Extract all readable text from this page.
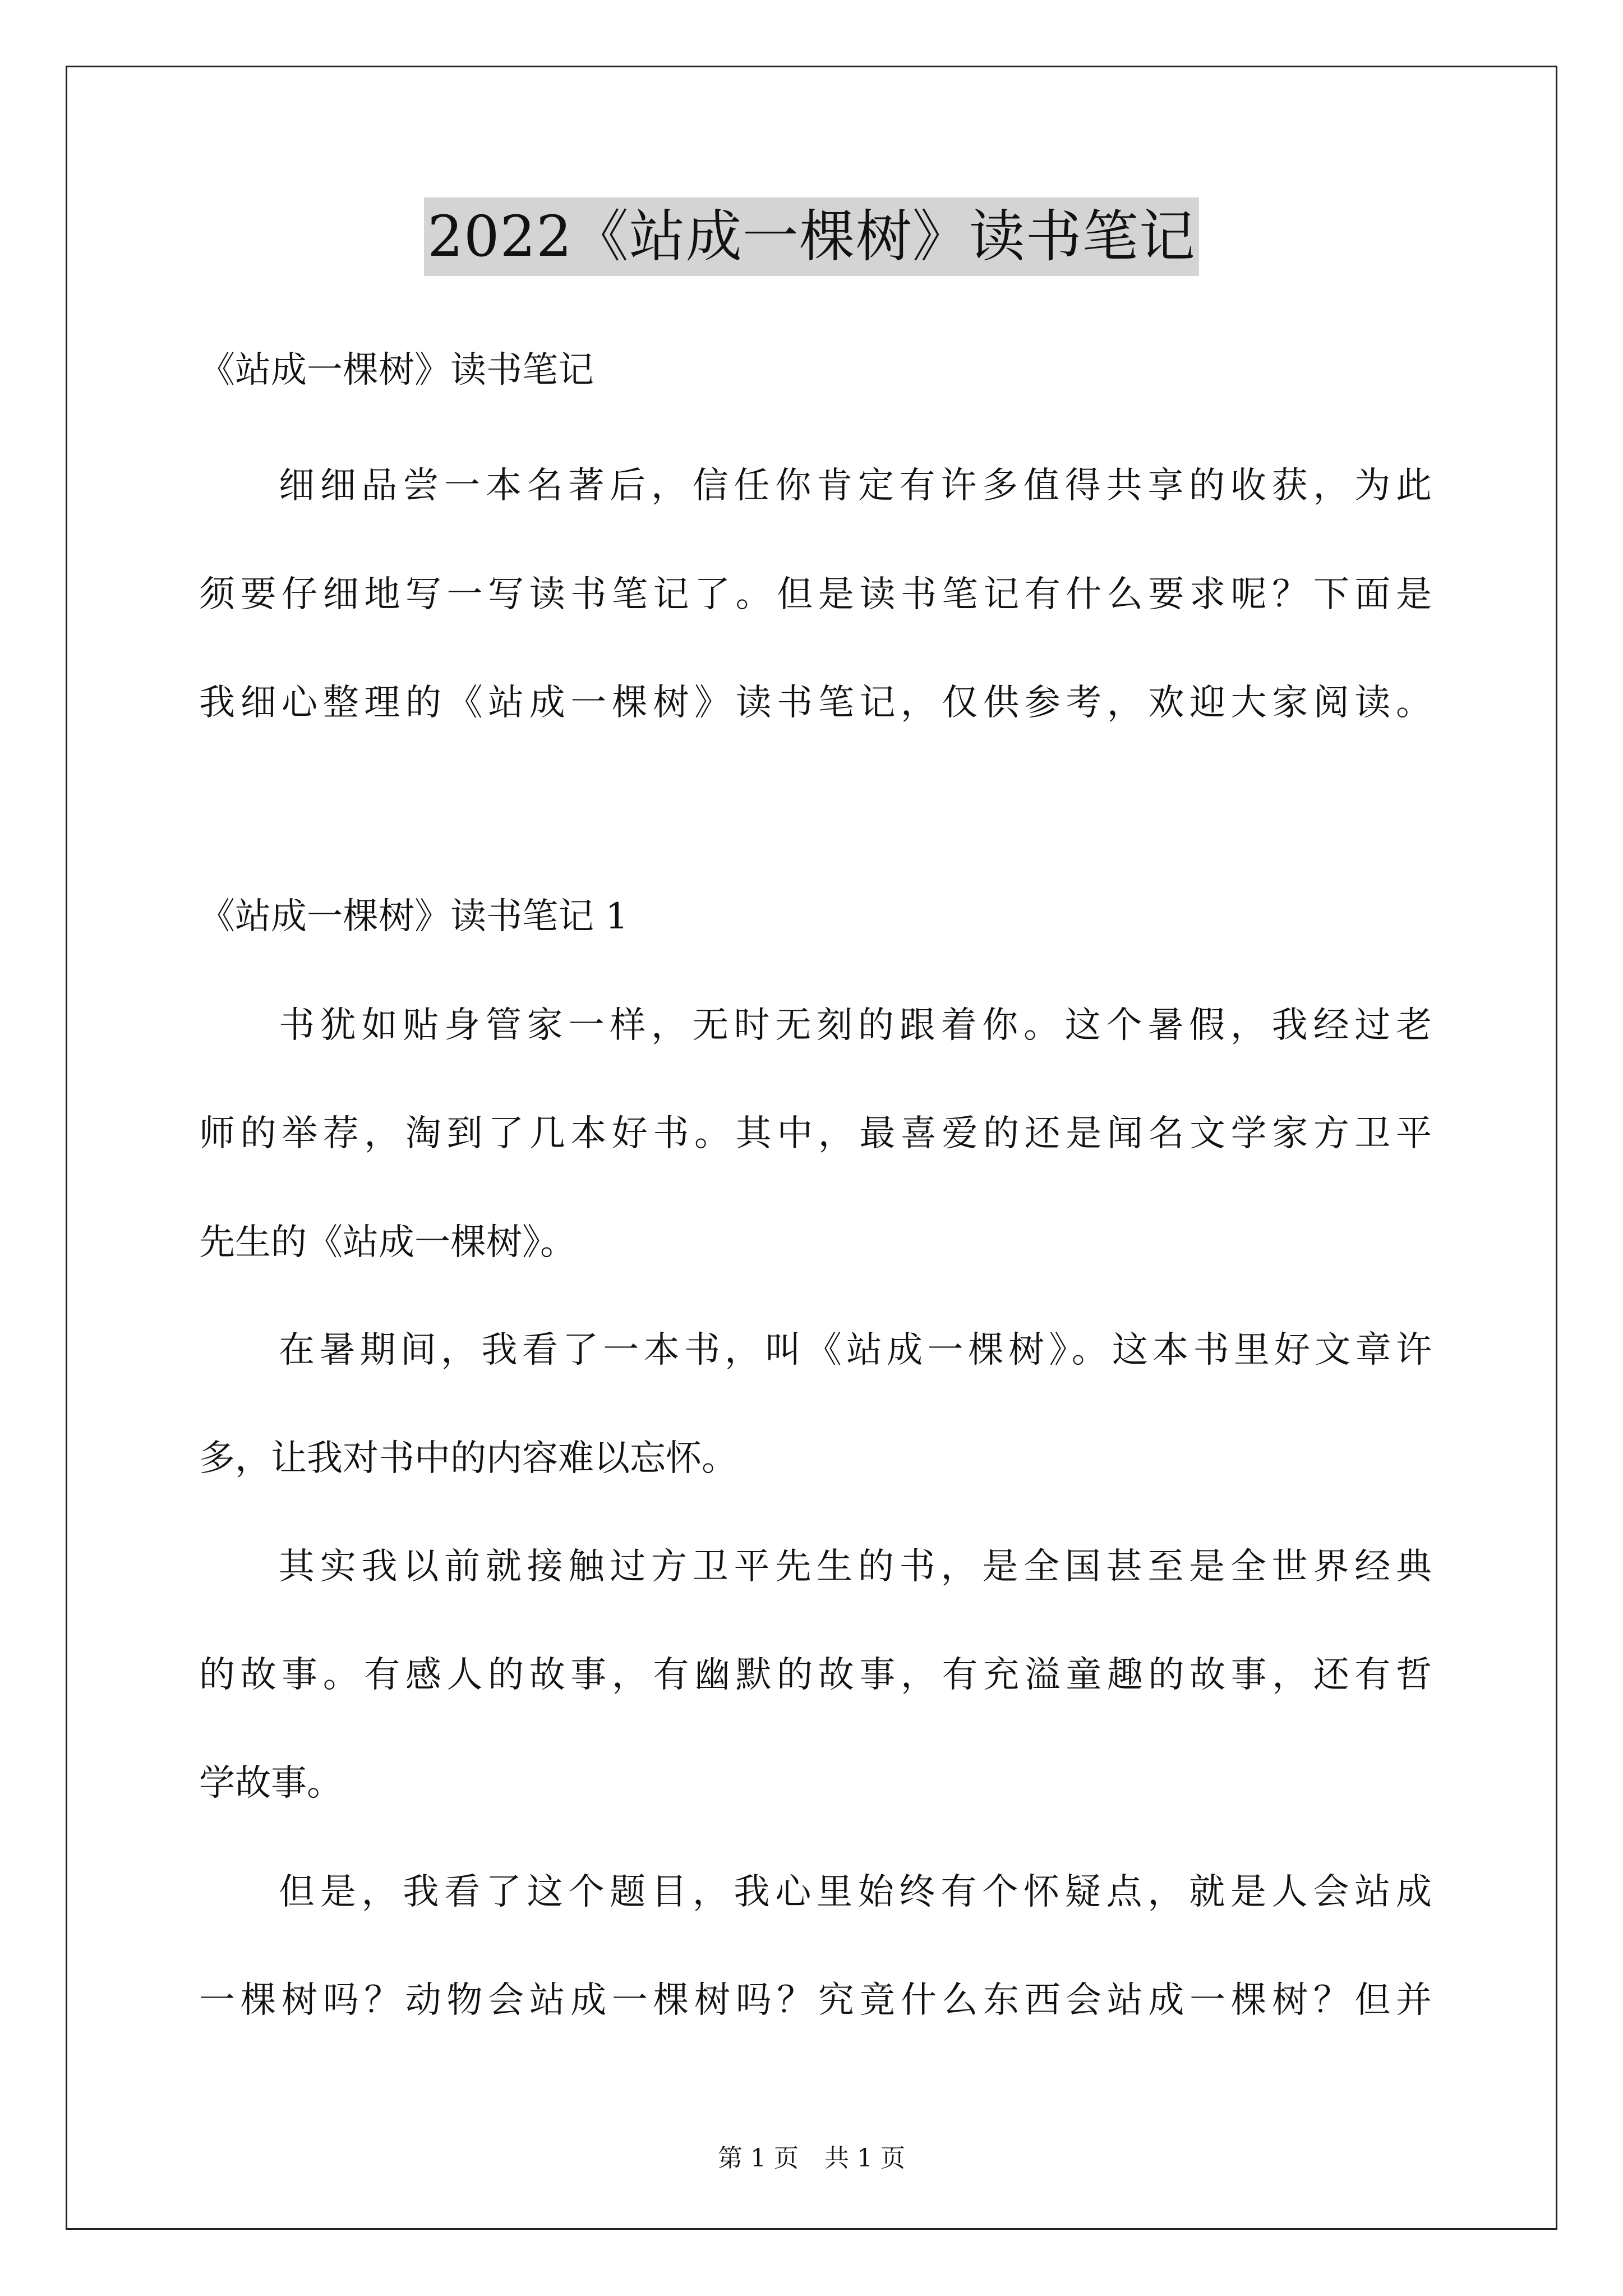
2022《站成一棵树》读书笔记
《站成一棵树》读书笔记
细细品尝一本名著后，信任你肯定有许多值得共享的收获，为此
须要仔细地写一写读书笔记了。但是读书笔记有什么要求呢？下面是
我细心整理的《站成一棵树》读书笔记，仅供参考，欢迎大家阅读。
《站成一棵树》读书笔记 1
书犹如贴身管家一样，无时无刻的跟着你。这个暑假，我经过老
师的举荐，淘到了几本好书。其中，最喜爱的还是闻名文学家方卫平
先生的《站成一棵树》。
在暑期间，我看了一本书，叫《站成一棵树》。这本书里好文章许
多，让我对书中的内容难以忘怀。
其实我以前就接触过方卫平先生的书，是全国甚至是全世界经典
的故事。有感人的故事，有幽默的故事，有充溢童趣的故事，还有哲
学故事。
但是，我看了这个题目，我心里始终有个怀疑点，就是人会站成
一棵树吗？动物会站成一棵树吗？究竟什么东西会站成一棵树？但并
第 1 页 共 1 页
